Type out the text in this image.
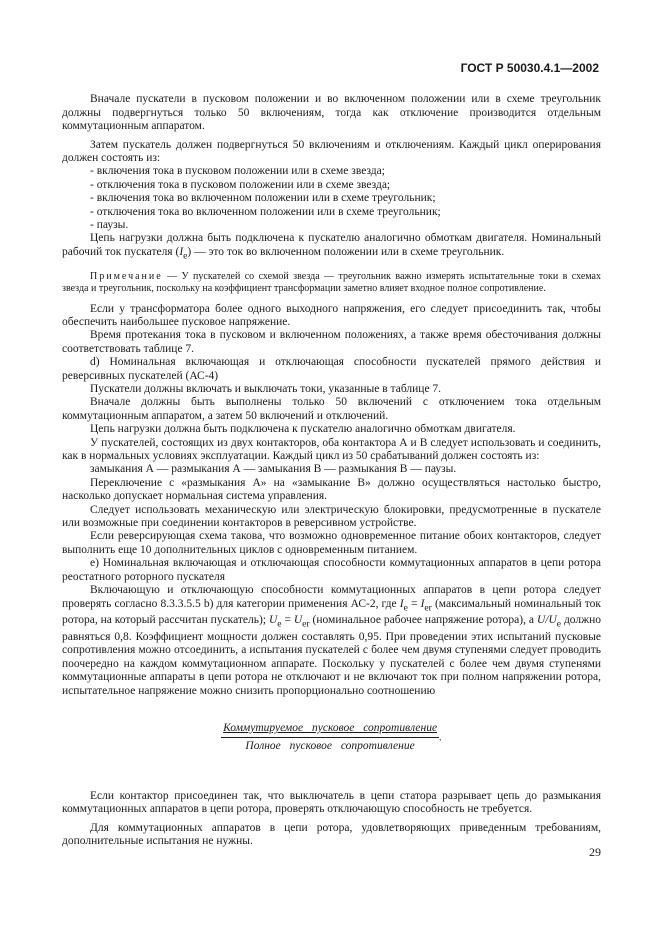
ГОСТ Р 50030.4.1—2002

Вначале пускатели в пусковом положении и во включенном положении или в схеме треугольник должны подвергнуться только 50 включениям, тогда как отключение производится отдельным коммутационным аппаратом.

Затем пускатель должен подвергнуться 50 включениям и отключениям. Каждый цикл оперирования должен состоять из:

- включения тока в пусковом положении или в схеме звезда;

- отключения тока в пусковом положении или в схеме звезда;

- включения тока во включенном положении или в схеме треугольник;

- отключения тока во включенном положении или в схеме треугольник;

- паузы.

Цепь нагрузки должна быть подключена к пускателю аналогично обмоткам двигателя. Номинальный рабочий ток пускателя $(I_e)$ — это ток во включенном положении или в схеме треугольник.

Примечание — У пускателей со схемой звезда — треугольник важно измерять испытательные токи в схемах звезда и треугольник, поскольку на коэффициент трансформации заметно влияет входное полное сопротивление.

Если у трансформатора более одного выходного напряжения, его следует присоединить так, чтобы обеспечить наибольшее пусковое напряжение.

Время протекания тока в пусковом и включенном положениях, а также время обесточивания должны соответствовать таблице 7.

d) Номинальная включающая и отключающая способности пускателей прямого действия и реверсивных пускателей (АС-4)

Пускатели должны включать и выключать токи, указанные в таблице 7.

Вначале должны быть выполнены только 50 включений с отключением тока отдельным коммутационным аппаратом, а затем 50 включений и отключений.

Цепь нагрузки должна быть подключена к пускателю аналогично обмоткам двигателя.

У пускателей, состоящих из двух контакторов, оба контактора А и В следует использовать и соединить, как в нормальных условиях эксплуатации. Каждый цикл из 50 срабатываний должен состоять из:

замыкания А — размыкания А — замыкания В — размыкания В — паузы.

Переключение с «размыкания А» на «замыкание В» должно осуществляться настолько быстро, насколько допускает нормальная система управления.

Следует использовать механическую или электрическую блокировки, предусмотренные в пускателе или возможные при соединении контакторов в реверсивном устройстве.

Если реверсирующая схема такова, что возможно одновременное питание обоих контакторов, следует выполнить еще 10 дополнительных циклов с одновременным питанием.

e) Номинальная включающая и отключающая способности коммутационных аппаратов в цепи ротора реостатного роторного пускателя

Включающую и отключающую способности коммутационных аппаратов в цепи ротора следует проверять согласно 8.3.3.5.5 b) для категории применения АС-2, где $I_e = I_{er}$ (максимальный номинальный ток ротора, на который рассчитан пускатель); $U_e = U_{er}$ (номинальное рабочее напряжение ротора), а $U/U_e$ должно равняться 0,8. Коэффициент мощности должен составлять 0,95. При проведении этих испытаний пусковые сопротивления можно отсоединить, а испытания пускателей с более чем двумя ступенями следует проводить поочередно на каждом коммутационном аппарате. Поскольку у пускателей с более чем двумя ступенями коммутационные аппараты в цепи ротора не отключают и не включают ток при полном напряжении ротора, испытательное напряжение можно снизить пропорционально соотношению

$\frac{\text{Коммутируемое пусковое сопротивление}}{\text{Полное пусковое сопротивление}}$ .

Если контактор присоединен так, что выключатель в цепи статора разрывает цепь до размыкания коммутационных аппаратов в цепи ротора, проверять отключающую способность не требуется.

Для коммутационных аппаратов в цепи ротора, удовлетворяющих приведенным требованиям, дополнительные испытания не нужны.

29
